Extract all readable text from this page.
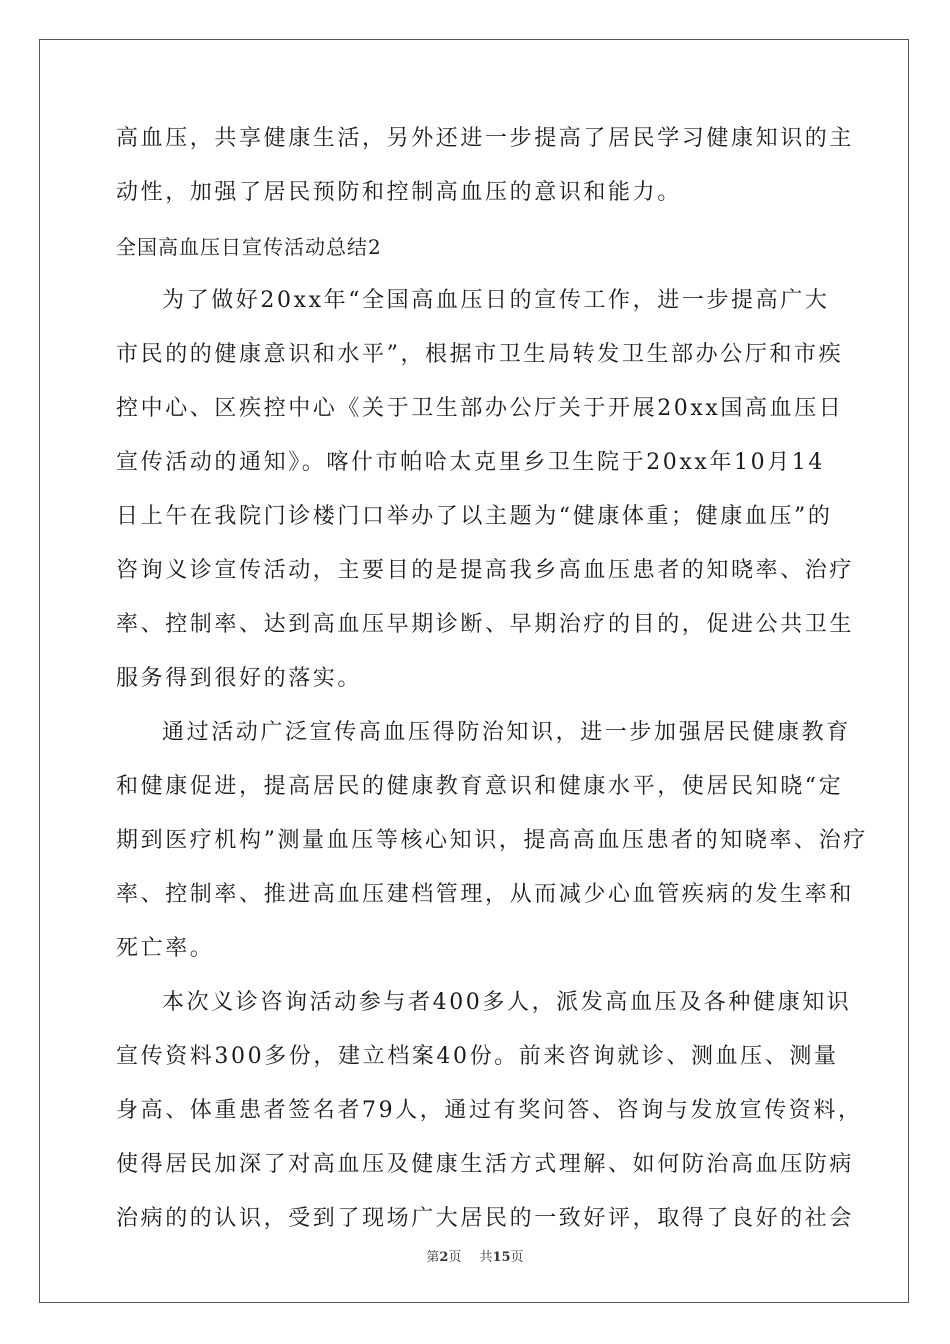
高血压，共享健康生活，另外还进一步提高了居民学习健康知识的主
动性，加强了居民预防和控制高血压的意识和能力。
全国高血压日宣传活动总结2
为了做好20xx年“全国高血压日的宣传工作，进一步提高广大
市民的的健康意识和水平”，根据市卫生局转发卫生部办公厅和市疾
控中心、区疾控中心《关于卫生部办公厅关于开展20xx国高血压日
宣传活动的通知》。喀什市帕哈太克里乡卫生院于20xx年10月14
日上午在我院门诊楼门口举办了以主题为“健康体重；健康血压”的
咨询义诊宣传活动，主要目的是提高我乡高血压患者的知晓率、治疗
率、控制率、达到高血压早期诊断、早期治疗的目的，促进公共卫生
服务得到很好的落实。
通过活动广泛宣传高血压得防治知识，进一步加强居民健康教育
和健康促进，提高居民的健康教育意识和健康水平，使居民知晓“定
期到医疗机构”测量血压等核心知识，提高高血压患者的知晓率、治疗
率、控制率、推进高血压建档管理，从而减少心血管疾病的发生率和
死亡率。
本次义诊咨询活动参与者400多人，派发高血压及各种健康知识
宣传资料300多份，建立档案40份。前来咨询就诊、测血压、测量
身高、体重患者签名者79人，通过有奖问答、咨询与发放宣传资料，
使得居民加深了对高血压及健康生活方式理解、如何防治高血压防病
治病的的认识，受到了现场广大居民的一致好评，取得了良好的社会
第2页 共15页
